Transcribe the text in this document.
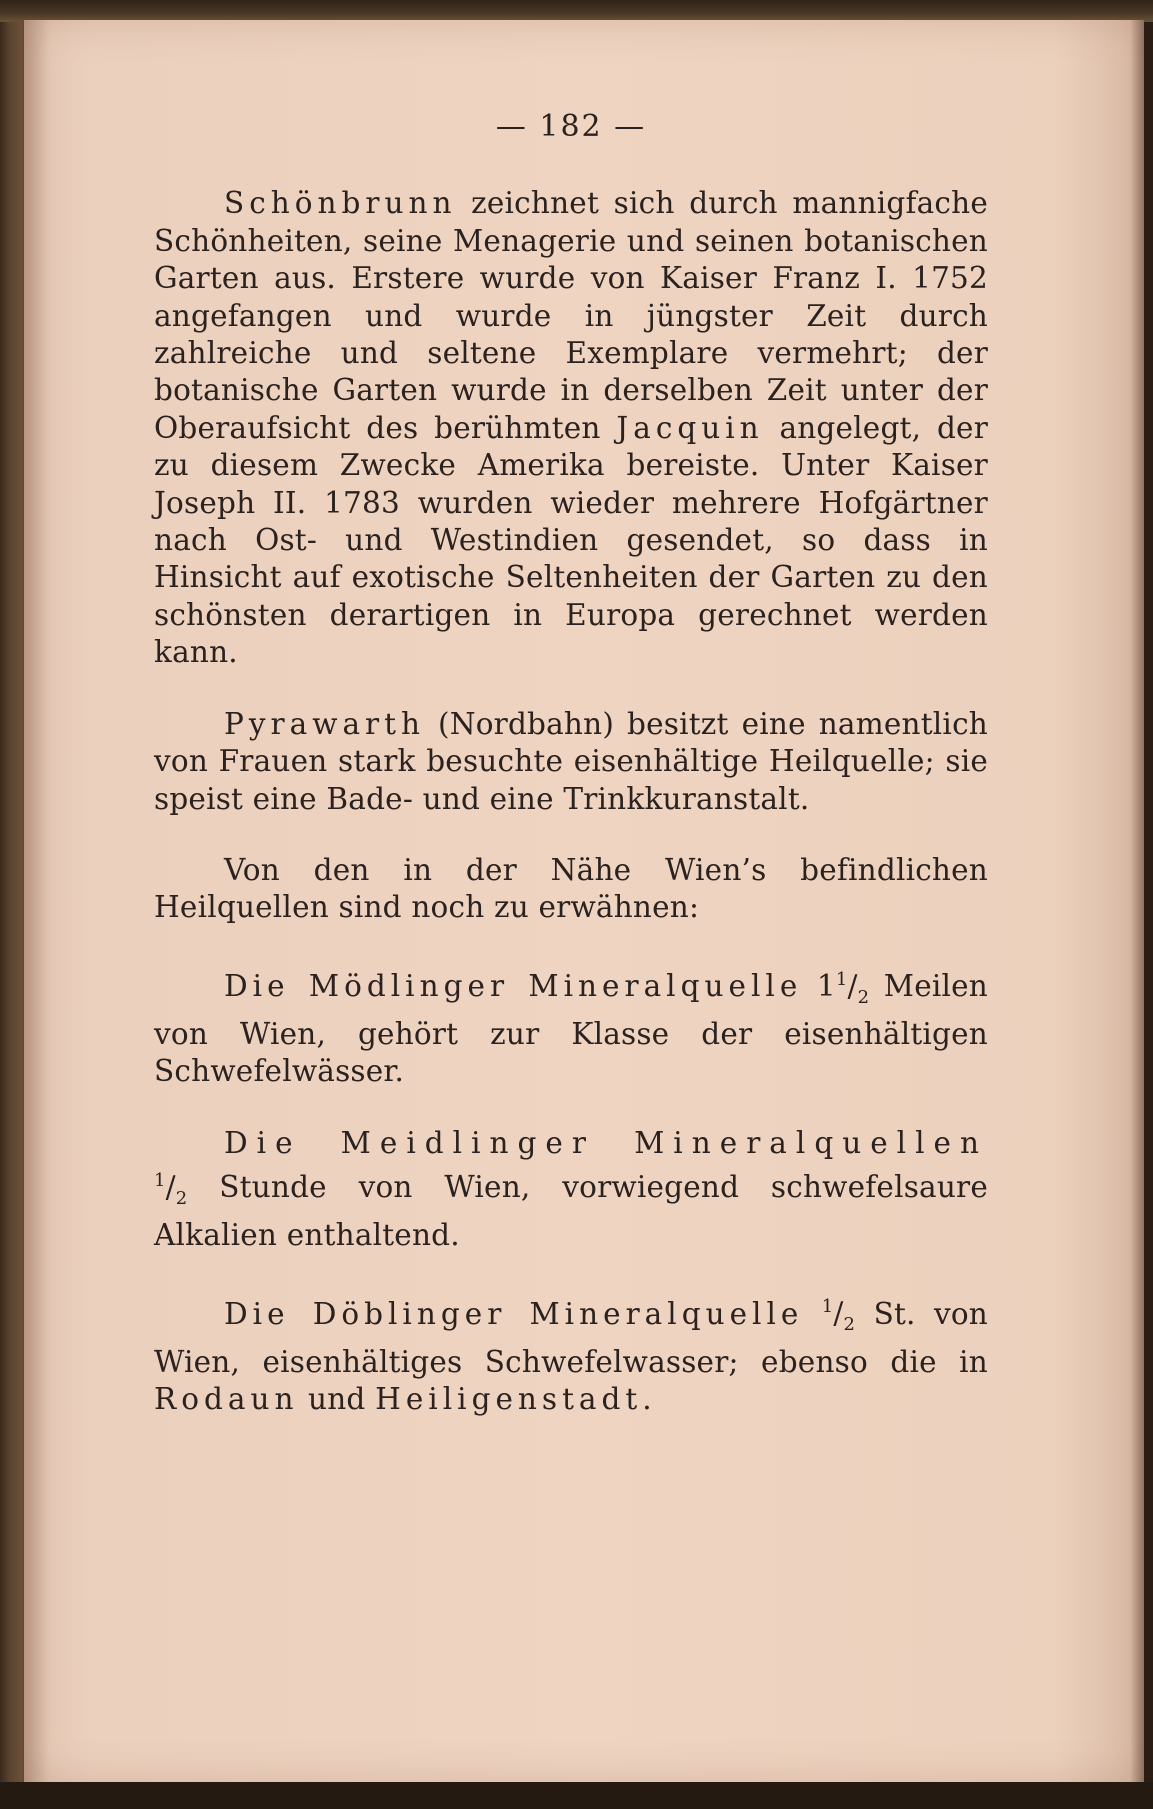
— 182 —

Schönbrunn zeichnet sich durch mannigfache Schönheiten, seine Menagerie und seinen botanischen Garten aus. Erstere wurde von Kaiser Franz I. 1752 angefangen und wurde in jüngster Zeit durch zahlreiche und seltene Exemplare vermehrt; der botanische Garten wurde in derselben Zeit unter der Oberaufsicht des berühmten Jacquin angelegt, der zu diesem Zwecke Amerika bereiste. Unter Kaiser Joseph II. 1783 wurden wieder mehrere Hofgärtner nach Ost- und Westindien gesendet, so dass in Hinsicht auf exotische Seltenheiten der Garten zu den schönsten derartigen in Europa gerechnet werden kann.

Pyrawarth (Nordbahn) besitzt eine namentlich von Frauen stark besuchte eisenhältige Heilquelle; sie speist eine Bade- und eine Trinkkuranstalt.

Von den in der Nähe Wien’s befindlichen Heilquellen sind noch zu erwähnen:

Die Mödlinger Mineralquelle $1^1/_2$ Meilen von Wien, gehört zur Klasse der eisenhältigen Schwefelwässer.

Die Meidlinger Mineralquellen $^1/_2$ Stunde von Wien, vorwiegend schwefelsaure Alkalien enthaltend.

Die Döblinger Mineralquelle $^1/_2$ St. von Wien, eisenhältiges Schwefelwasser; ebenso die in Rodaun und Heiligenstadt.
